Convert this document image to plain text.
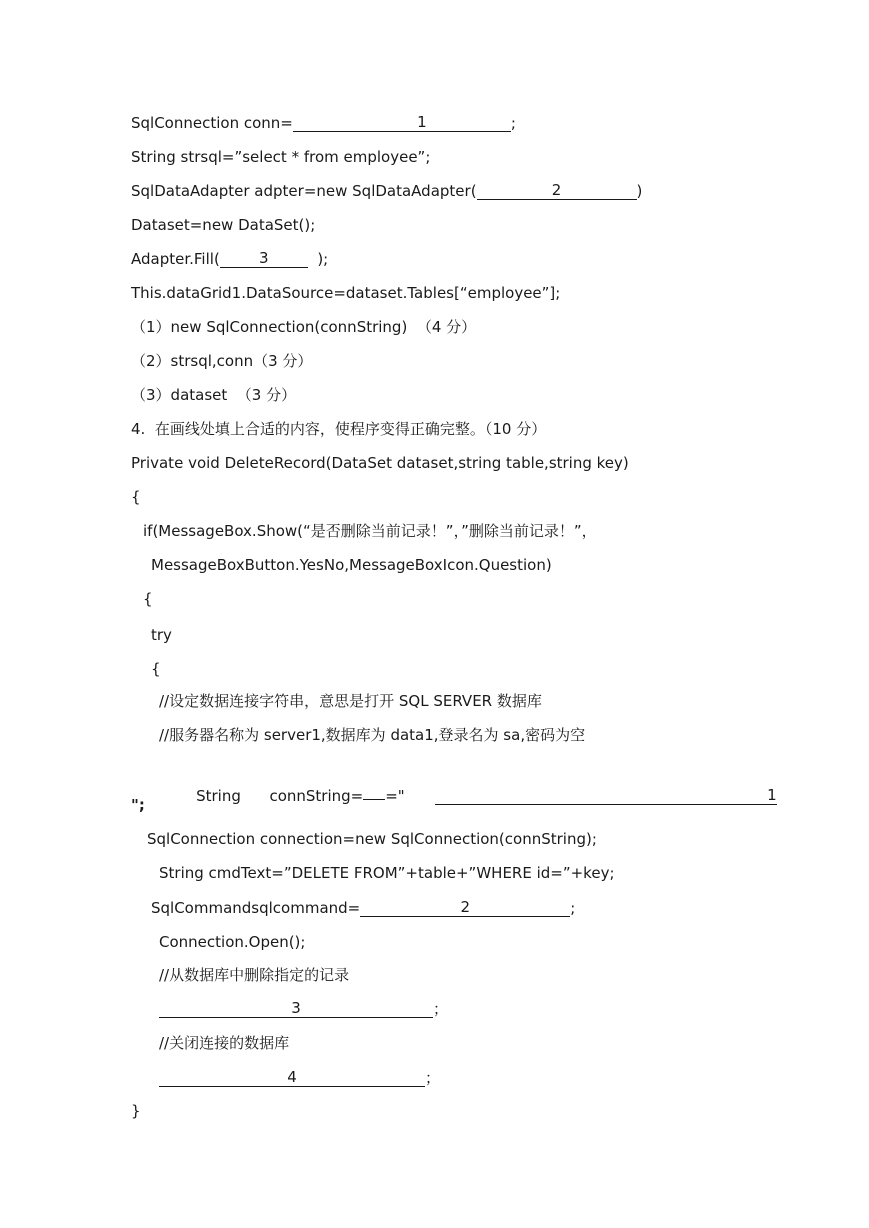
SqlConnection conn=	1	;
String strsql=”select * from employee”;
SqlDataAdapter adpter=new SqlDataAdapter(	2	)
Dataset=new DataSet();
Adapter.Fill(	3	);
This.dataGrid1.DataSource=dataset.Tables[“employee”];
（1）new SqlConnection(connString)  （4 分）
（2）strsql,conn（3 分）
（3）dataset  （3 分）
4.  在画线处填上合适的内容，使程序变得正确完整。（10 分）
Private void DeleteRecord(DataSet dataset,string table,string key)
{
if(MessageBox.Show(“是否删除当前记录！”，”删除当前记录！”，
MessageBoxButton.YesNo,MessageBoxIcon.Question)
{
try
{
//设定数据连接字符串，意思是打开 SQL SERVER 数据库
//服务器名称为 server1,数据库为 data1,登录名为 sa,密码为空

String      connString= ="	1

";
SqlConnection connection=new SqlConnection(connString);
String cmdText=”DELETE FROM”+table+”WHERE id=”+key;
SqlCommandsqlcommand=	2	;
Connection.Open();
//从数据库中删除指定的记录
3	；
//关闭连接的数据库
4	；
}
